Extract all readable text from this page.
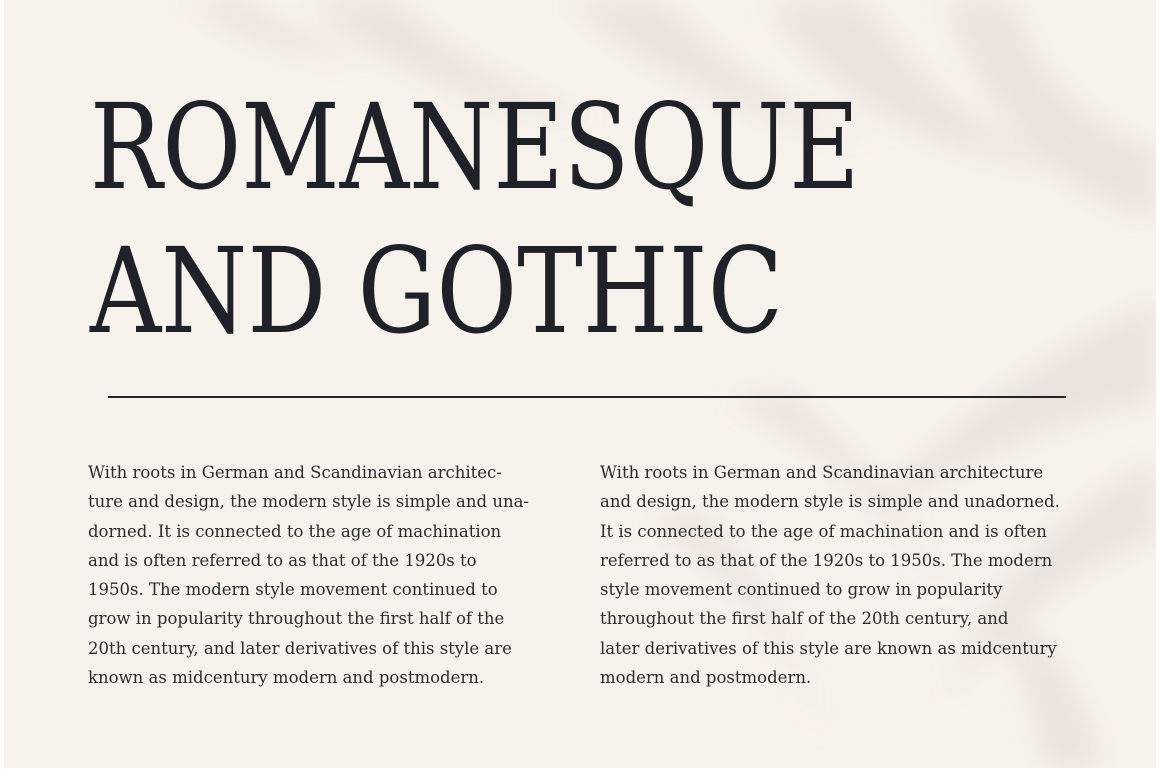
ROMANESQUE
AND GOTHIC

With roots in German and Scandinavian architec-
ture and design, the modern style is simple and una-
dorned. It is connected to the age of machination
and is often referred to as that of the 1920s to
1950s. The modern style movement continued to
grow in popularity throughout the first half of the
20th century, and later derivatives of this style are
known as midcentury modern and postmodern.

With roots in German and Scandinavian architecture
and design, the modern style is simple and unadorned.
It is connected to the age of machination and is often
referred to as that of the 1920s to 1950s. The modern
style movement continued to grow in popularity
throughout the first half of the 20th century, and
later derivatives of this style are known as midcentury
modern and postmodern.
